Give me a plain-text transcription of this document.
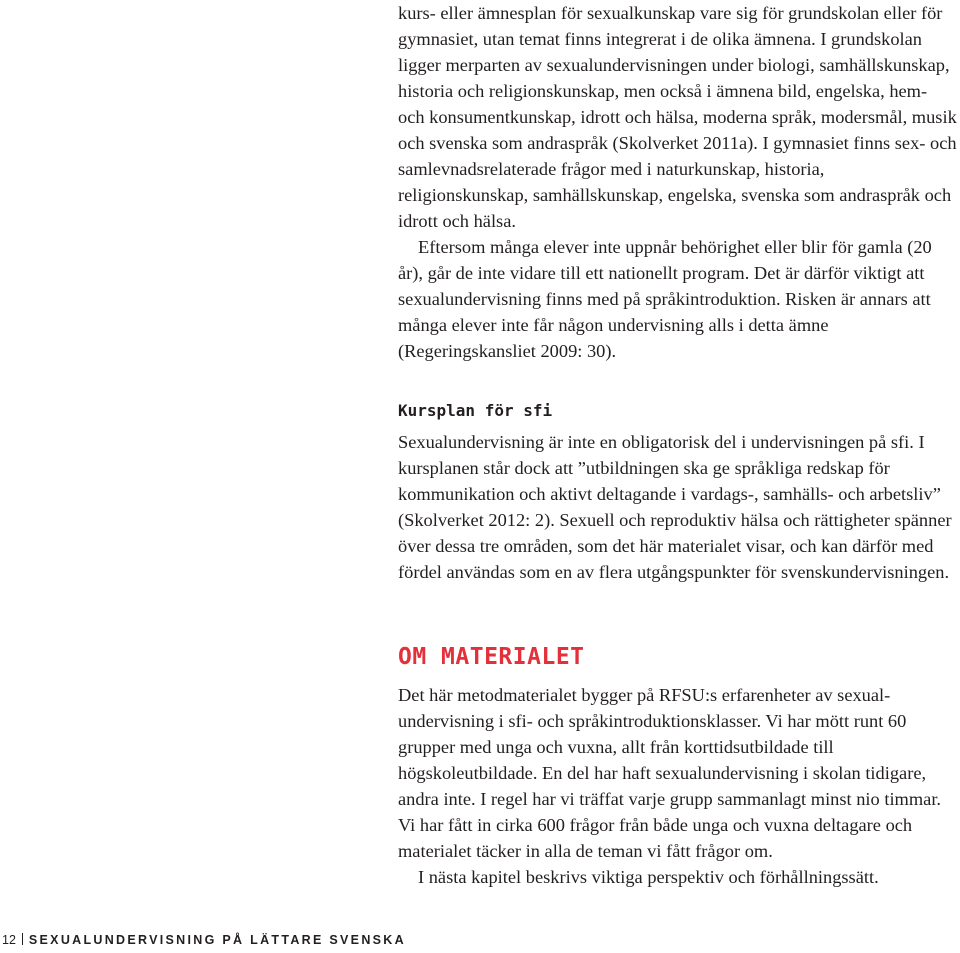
kurs- eller ämnesplan för sexualkunskap vare sig för grundskolan eller för gymnasiet, utan temat finns integrerat i de olika ämnena. I grundskolan ligger merparten av sexualundervisningen under biologi, samhällskunskap, historia och religionskunskap, men också i ämnena bild, engelska, hem- och konsumentkunskap, idrott och hälsa, moderna språk, modersmål, musik och svenska som andraspråk (Skolverket 2011a). I gymnasiet finns sex- och samlevnadsrelaterade frågor med i naturkunskap, historia, religionskunskap, samhällskunskap, engelska, svenska som andraspråk och idrott och hälsa.

Eftersom många elever inte uppnår behörighet eller blir för gamla (20 år), går de inte vidare till ett nationellt program. Det är därför viktigt att sexualundervisning finns med på språkintroduktion. Risken är annars att många elever inte får någon undervisning alls i detta ämne (Regeringskansliet 2009: 30).

Kursplan för sfi

Sexualundervisning är inte en obligatorisk del i undervisningen på sfi. I kursplanen står dock att ”utbildningen ska ge språkliga redskap för kommunikation och aktivt deltagande i vardags-, samhälls- och arbetsliv” (Skolverket 2012: 2). Sexuell och reproduktiv hälsa och rättigheter spänner över dessa tre områden, som det här materialet visar, och kan därför med fördel användas som en av flera utgångspunkter för svenskundervisningen.

OM MATERIALET

Det här metodmaterialet bygger på RFSU:s erfarenheter av sexualundervisning i sfi- och språkintroduktionsklasser. Vi har mött runt 60 grupper med unga och vuxna, allt från korttidsutbildade till högskoleutbildade. En del har haft sexualundervisning i skolan tidigare, andra inte. I regel har vi träffat varje grupp sammanlagt minst nio timmar. Vi har fått in cirka 600 frågor från både unga och vuxna deltagare och materialet täcker in alla de teman vi fått frågor om.

I nästa kapitel beskrivs viktiga perspektiv och förhållningssätt.

12 SEXUALUNDERVISNING PÅ LÄTTARE SVENSKA
